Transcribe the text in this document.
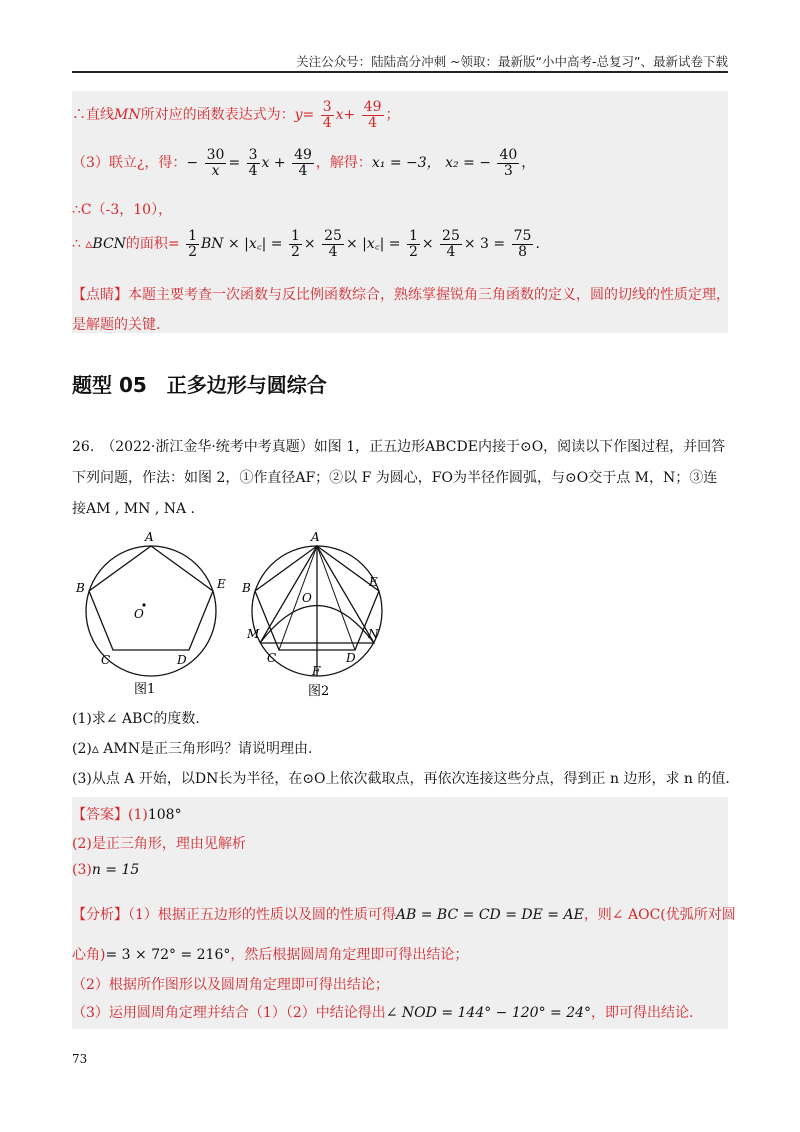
关注公众号：陆陆高分冲刺 ~领取：最新版“小中高考-总复习”、最新试卷下载
∴直线MN所对应的函数表达式为：$y= \frac{3}{4} x+ \frac{49}{4}$ ；
（3）联立¿，得：− $\frac{30}{x} = \frac{3}{4}$ $x + \frac{49}{4}$ ，解得：x₁ = −3， x₂ = − $\frac{40}{3}$ ，
∴C（-3，10），
∴ ▵BCN的面积= $\frac{1}{2}$ BN × |x꜀| = $\frac{1}{2} \times \frac{25}{4}$ × |x꜀| = $\frac{1}{2} \times \frac{25}{4} \times 3 = \frac{75}{8}$ .
【点睛】本题主要考查一次函数与反比例函数综合，熟练掌握锐角三角函数的定义，圆的切线的性质定理，
是解题的关键.
题型 05　正多边形与圆综合
26.　（2022·浙江金华·统考中考真题）如图 1，正五边形ABCDE内接于⊙O，阅读以下作图过程，并回答
下列问题，作法：如图 2，①作直径AF；②以 F 为圆心，FO为半径作圆弧，与⊙O交于点 M，N；③连
接AM , MN , NA .
A
B	E
O
C	D
图1
A
B	E
O
M	N
C	D
F
图2
(1)求∠ ABC的度数.
(2)▵ AMN是正三角形吗？请说明理由.
(3)从点 A 开始，以DN长为半径，在⊙O上依次截取点，再依次连接这些分点，得到正 n 边形，求 n 的值.
【答案】(1)108°
(2)是正三角形，理由见解析
(3)n = 15
【分析】（1）根据正五边形的性质以及圆的性质可得AB = BC = CD = DE = AE，则∠ AOC(优弧所对圆
心角)= 3 × 72° = 216°，然后根据圆周角定理即可得出结论；
（2）根据所作图形以及圆周角定理即可得出结论；
（3）运用圆周角定理并结合（1）（2）中结论得出∠ NOD = 144° − 120° = 24°，即可得出结论.
73
